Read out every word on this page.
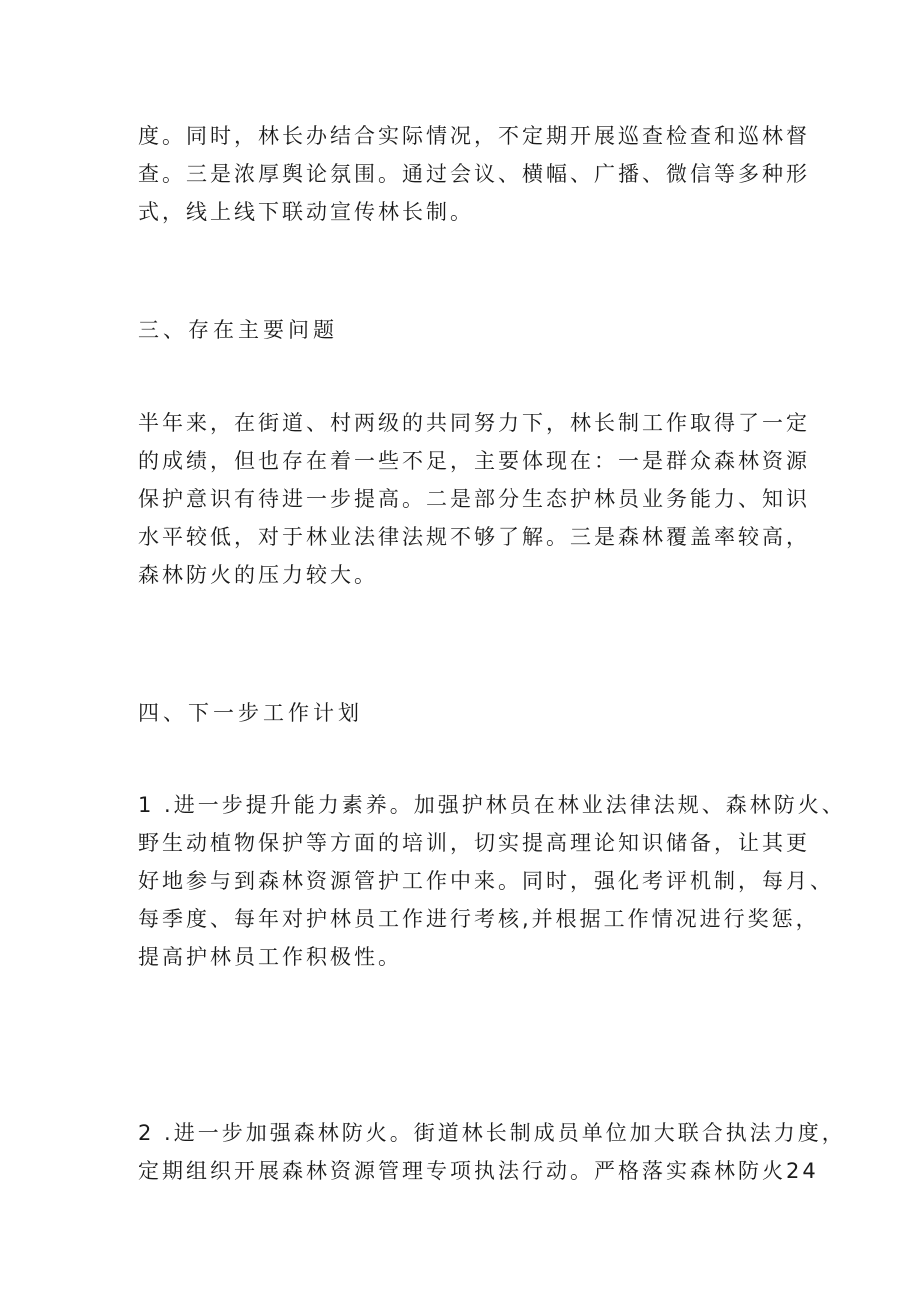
度。同时，林长办结合实际情况，不定期开展巡查检查和巡林督
查。三是浓厚舆论氛围。通过会议、横幅、广播、微信等多种形
式，线上线下联动宣传林长制。

三、存在主要问题

半年来，在街道、村两级的共同努力下，林长制工作取得了一定
的成绩，但也存在着一些不足，主要体现在：一是群众森林资源
保护意识有待进一步提高。二是部分生态护林员业务能力、知识
水平较低，对于林业法律法规不够了解。三是森林覆盖率较高，
森林防火的压力较大。

四、下一步工作计划

1 .进一步提升能力素养。加强护林员在林业法律法规、森林防火、
野生动植物保护等方面的培训，切实提高理论知识储备，让其更
好地参与到森林资源管护工作中来。同时，强化考评机制，每月、
每季度、每年对护林员工作进行考核,并根据工作情况进行奖惩，
提高护林员工作积极性。

2 .进一步加强森林防火。街道林长制成员单位加大联合执法力度，
定期组织开展森林资源管理专项执法行动。严格落实森林防火24
